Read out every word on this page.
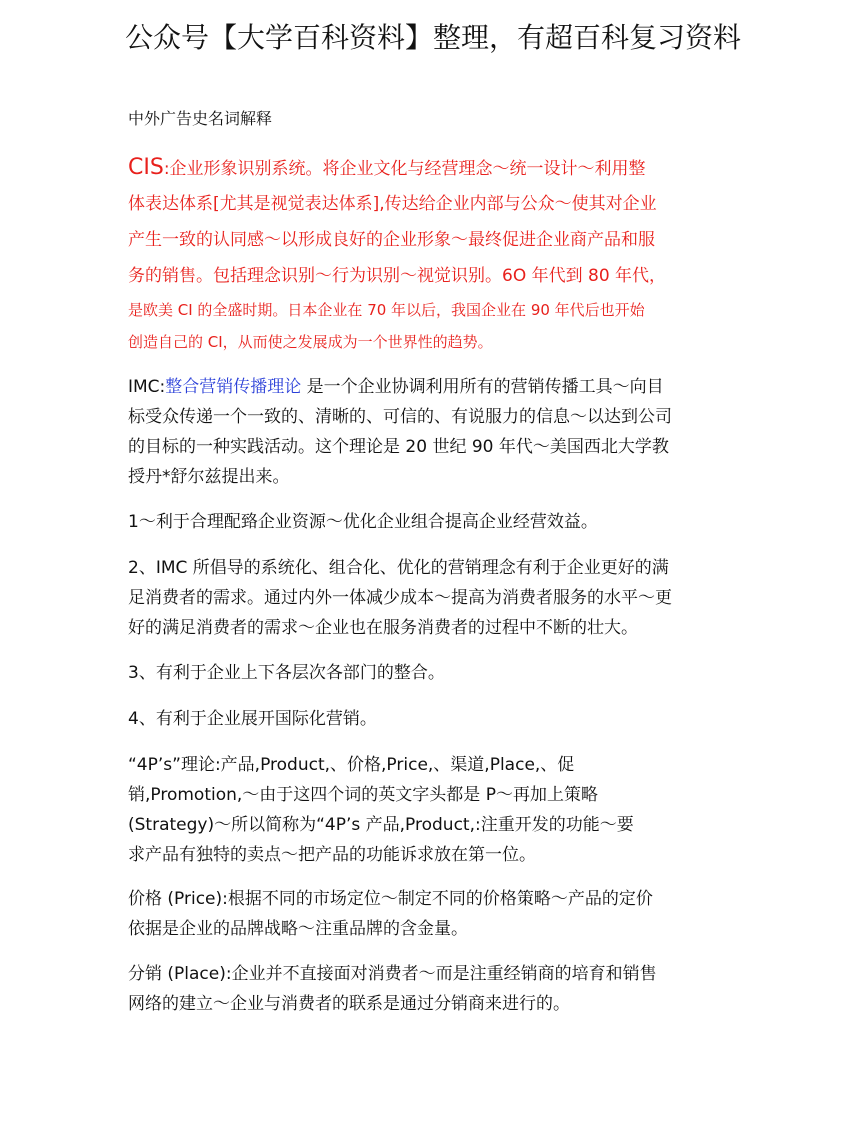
公众号【大学百科资料】整理，有超百科复习资料
中外广告史名词解释
CIS:企业形象识别系统。将企业文化与经营理念～统一设计～利用整
体表达体系[尤其是视觉表达体系],传达给企业内部与公众～使其对企业
产生一致的认同感～以形成良好的企业形象～最终促进企业商产品和服
务的销售。包括理念识别～行为识别～视觉识别。6O 年代到 80 年代，
是欧美 CI 的全盛时期。日本企业在 70 年以后，我国企业在 90 年代后也开始
创造自己的 CI，从而使之发展成为一个世界性的趋势。
IMC:整合营销传播理论 是一个企业协调利用所有的营销传播工具～向目
标受众传递一个一致的、清晰的、可信的、有说服力的信息～以达到公司
的目标的一种实践活动。这个理论是 20 世纪 90 年代～美国西北大学教
授丹*舒尔兹提出来。
1～利于合理配臵企业资源～优化企业组合提高企业经营效益。
2、IMC 所倡导的系统化、组合化、优化的营销理念有利于企业更好的满
足消费者的需求。通过内外一体减少成本～提高为消费者服务的水平～更
好的满足消费者的需求～企业也在服务消费者的过程中不断的壮大。
3、有利于企业上下各层次各部门的整合。
4、有利于企业展开国际化营销。
“4P’s”理论:产品,Product,、价格,Price,、渠道,Place,、促
销,Promotion,～由于这四个词的英文字头都是 P～再加上策略
(Strategy)～所以简称为“4P’s 产品,Product,:注重开发的功能～要
求产品有独特的卖点～把产品的功能诉求放在第一位。
价格 (Price):根据不同的市场定位～制定不同的价格策略～产品的定价
依据是企业的品牌战略～注重品牌的含金量。
分销 (Place):企业并不直接面对消费者～而是注重经销商的培育和销售
网络的建立～企业与消费者的联系是通过分销商来进行的。
